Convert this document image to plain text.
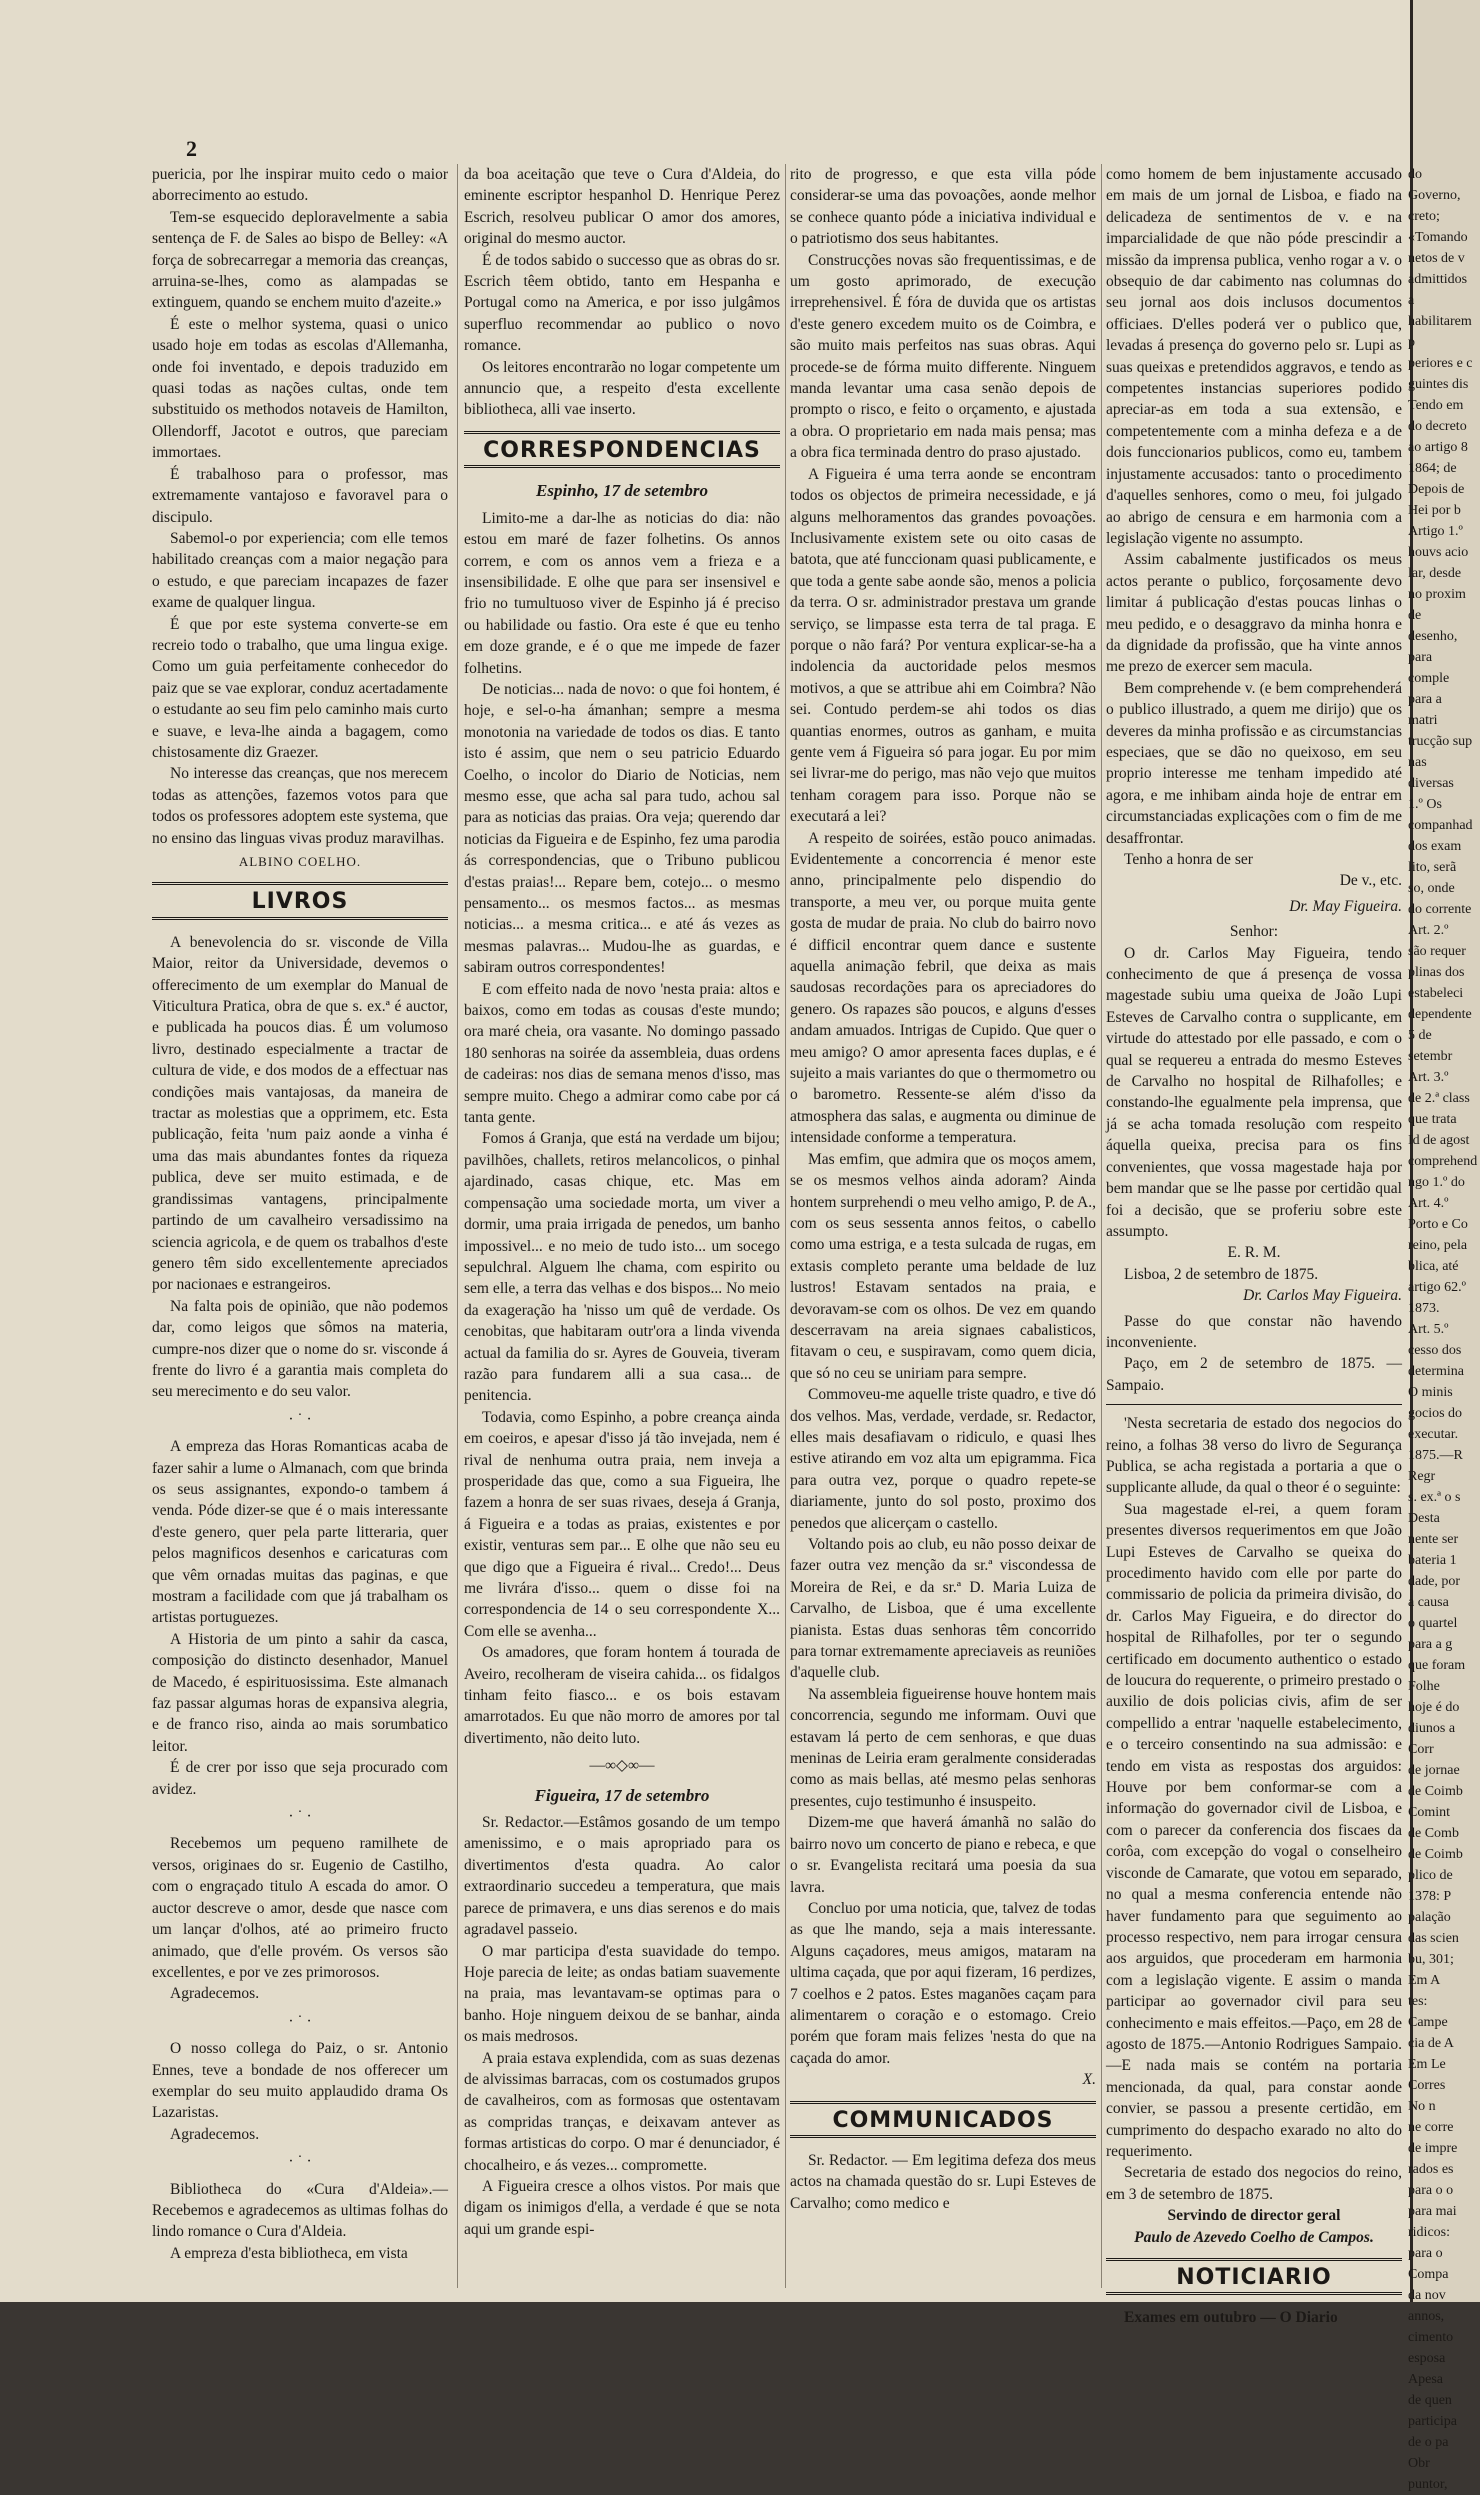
2

puericia, por lhe inspirar muito cedo o maior aborrecimento ao estudo.

Tem-se esquecido deploravelmente a sabia sentença de F. de Sales ao bispo de Belley: «A força de sobrecarregar a memoria das creanças, arruina-se-lhes, como as alampadas se extinguem, quando se enchem muito d'azeite.»

É este o melhor systema, quasi o unico usado hoje em todas as escolas d'Allemanha, onde foi inventado, e depois traduzido em quasi todas as nações cultas, onde tem substituido os methodos notaveis de Hamilton, Ollendorff, Jacotot e outros, que pareciam immortaes.

É trabalhoso para o professor, mas extremamente vantajoso e favoravel para o discipulo.

Sabemol-o por experiencia; com elle temos habilitado creanças com a maior negação para o estudo, e que pareciam incapazes de fazer exame de qualquer lingua.

É que por este systema converte-se em recreio todo o trabalho, que uma lingua exige. Como um guia perfeitamente conhecedor do paiz que se vae explorar, conduz acertadamente o estudante ao seu fim pelo caminho mais curto e suave, e leva-lhe ainda a bagagem, como chistosamente diz Graezer.

No interesse das creanças, que nos merecem todas as attenções, fazemos votos para que todos os professores adoptem este systema, que no ensino das linguas vivas produz maravilhas.

ALBINO COELHO.
LIVROS

A benevolencia do sr. visconde de Villa Maior, reitor da Universidade, devemos o offerecimento de um exemplar do Manual de Viticultura Pratica, obra de que s. ex.ª é auctor, e publicada ha poucos dias. É um volumoso livro, destinado especialmente a tractar de cultura de vide, e dos modos de a effectuar nas condições mais vantajosas, da maneira de tractar as molestias que a opprimem, etc. Esta publicação, feita 'num paiz aonde a vinha é uma das mais abundantes fontes da riqueza publica, deve ser muito estimada, e de grandissimas vantagens, principalmente partindo de um cavalheiro versadissimo na sciencia agricola, e de quem os trabalhos d'este genero têm sido excellentemente apreciados por nacionaes e estrangeiros.

Na falta pois de opinião, que não podemos dar, como leigos que sômos na materia, cumpre-nos dizer que o nome do sr. visconde á frente do livro é a garantia mais completa do seu merecimento e do seu valor.

· ˙ ·

A empreza das Horas Romanticas acaba de fazer sahir a lume o Almanach, com que brinda os seus assignantes, expondo-o tambem á venda. Póde dizer-se que é o mais interessante d'este genero, quer pela parte litteraria, quer pelos magnificos desenhos e caricaturas com que vêm ornadas muitas das paginas, e que mostram a facilidade com que já trabalham os artistas portuguezes.

A Historia de um pinto a sahir da casca, composição do distincto desenhador, Manuel de Macedo, é espirituosissima. Este almanach faz passar algumas horas de expansiva alegria, e de franco riso, ainda ao mais sorumbatico leitor.

É de crer por isso que seja procurado com avidez.

· ˙ ·

Recebemos um pequeno ramilhete de versos, originaes do sr. Eugenio de Castilho, com o engraçado titulo A escada do amor. O auctor descreve o amor, desde que nasce com um lançar d'olhos, até ao primeiro fructo animado, que d'elle provém. Os versos são excellentes, e por ve zes primorosos.

Agradecemos.

· ˙ ·

O nosso collega do Paiz, o sr. Antonio Ennes, teve a bondade de nos offerecer um exemplar do seu muito applaudido drama Os Lazaristas.

Agradecemos.

· ˙ ·

Bibliotheca do «Cura d'Aldeia».—Recebemos e agradecemos as ultimas folhas do lindo romance o Cura d'Aldeia.

A empreza d'esta bibliotheca, em vista

da boa aceitação que teve o Cura d'Aldeia, do eminente escriptor hespanhol D. Henrique Perez Escrich, resolveu publicar O amor dos amores, original do mesmo auctor.

É de todos sabido o successo que as obras do sr. Escrich têem obtido, tanto em Hespanha e Portugal como na America, e por isso julgâmos superfluo recommendar ao publico o novo romance.

Os leitores encontrarão no logar competente um annuncio que, a respeito d'esta excellente bibliotheca, alli vae inserto.

CORRESPONDENCIAS
Espinho, 17 de setembro

Limito-me a dar-lhe as noticias do dia: não estou em maré de fazer folhetins. Os annos correm, e com os annos vem a frieza e a insensibilidade. E olhe que para ser insensivel e frio no tumultuoso viver de Espinho já é preciso ou habilidade ou fastio. Ora este é que eu tenho em doze grande, e é o que me impede de fazer folhetins.

De noticias... nada de novo: o que foi hontem, é hoje, e sel-o-ha ámanhan; sempre a mesma monotonia na variedade de todos os dias. E tanto isto é assim, que nem o seu patricio Eduardo Coelho, o incolor do Diario de Noticias, nem mesmo esse, que acha sal para tudo, achou sal para as noticias das praias. Ora veja; querendo dar noticias da Figueira e de Espinho, fez uma parodia ás correspondencias, que o Tribuno publicou d'estas praias!... Repare bem, cotejo... o mesmo pensamento... os mesmos factos... as mesmas noticias... a mesma critica... e até ás vezes as mesmas palavras... Mudou-lhe as guardas, e sabiram outros correspondentes!

E com effeito nada de novo 'nesta praia: altos e baixos, como em todas as cousas d'este mundo; ora maré cheia, ora vasante. No domingo passado 180 senhoras na soirée da assembleia, duas ordens de cadeiras: nos dias de semana menos d'isso, mas sempre muito. Chego a admirar como cabe por cá tanta gente.

Fomos á Granja, que está na verdade um bijou; pavilhões, challets, retiros melancolicos, o pinhal ajardinado, casas chique, etc. Mas em compensação uma sociedade morta, um viver a dormir, uma praia irrigada de penedos, um banho impossivel... e no meio de tudo isto... um socego sepulchral. Alguem lhe chama, com espirito ou sem elle, a terra das velhas e dos bispos... No meio da exageração ha 'nisso um quê de verdade. Os cenobitas, que habitaram outr'ora a linda vivenda actual da familia do sr. Ayres de Gouveia, tiveram razão para fundarem alli a sua casa... de penitencia.

Todavia, como Espinho, a pobre creança ainda em coeiros, e apesar d'isso já tão invejada, nem é rival de nenhuma outra praia, nem inveja a prosperidade das que, como a sua Figueira, lhe fazem a honra de ser suas rivaes, deseja á Granja, á Figueira e a todas as praias, existentes e por existir, venturas sem par... E olhe que não seu eu que digo que a Figueira é rival... Credo!... Deus me livrára d'isso... quem o disse foi na correspondencia de 14 o seu correspondente X... Com elle se avenha...

Os amadores, que foram hontem á tourada de Aveiro, recolheram de viseira cahida... os fidalgos tinham feito fiasco... e os bois estavam amarrotados. Eu que não morro de amores por tal divertimento, não deito luto.

—∞◇∞—
Figueira, 17 de setembro

Sr. Redactor.—Estâmos gosando de um tempo amenissimo, e o mais apropriado para os divertimentos d'esta quadra. Ao calor extraordinario succedeu a temperatura, que mais parece de primavera, e uns dias serenos e do mais agradavel passeio.

O mar participa d'esta suavidade do tempo. Hoje parecia de leite; as ondas batiam suavemente na praia, mas levantavam-se optimas para o banho. Hoje ninguem deixou de se banhar, ainda os mais medrosos.

A praia estava explendida, com as suas dezenas de alvissimas barracas, com os costumados grupos de cavalheiros, com as formosas que ostentavam as compridas tranças, e deixavam antever as formas artisticas do corpo. O mar é denunciador, é chocalheiro, e ás vezes... compromette.

A Figueira cresce a olhos vistos. Por mais que digam os inimigos d'ella, a verdade é que se nota aqui um grande espi-

rito de progresso, e que esta villa póde considerar-se uma das povoações, aonde melhor se conhece quanto póde a iniciativa individual e o patriotismo dos seus habitantes.

Construcções novas são frequentissimas, e de um gosto aprimorado, de execução irreprehensivel. É fóra de duvida que os artistas d'este genero excedem muito os de Coimbra, e são muito mais perfeitos nas suas obras. Aqui procede-se de fórma muito differente. Ninguem manda levantar uma casa senão depois de prompto o risco, e feito o orçamento, e ajustada a obra. O proprietario em nada mais pensa; mas a obra fica terminada dentro do praso ajustado.

A Figueira é uma terra aonde se encontram todos os objectos de primeira necessidade, e já alguns melhoramentos das grandes povoações. Inclusivamente existem sete ou oito casas de batota, que até funccionam quasi publicamente, e que toda a gente sabe aonde são, menos a policia da terra. O sr. administrador prestava um grande serviço, se limpasse esta terra de tal praga. E porque o não fará? Por ventura explicar-se-ha a indolencia da auctoridade pelos mesmos motivos, a que se attribue ahi em Coimbra? Não sei. Contudo perdem-se ahi todos os dias quantias enormes, outros as ganham, e muita gente vem á Figueira só para jogar. Eu por mim sei livrar-me do perigo, mas não vejo que muitos tenham coragem para isso. Porque não se executará a lei?

A respeito de soirées, estão pouco animadas. Evidentemente a concorrencia é menor este anno, principalmente pelo dispendio do transporte, a meu ver, ou porque muita gente gosta de mudar de praia. No club do bairro novo é difficil encontrar quem dance e sustente aquella animação febril, que deixa as mais saudosas recordações para os apreciadores do genero. Os rapazes são poucos, e alguns d'esses andam amuados. Intrigas de Cupido. Que quer o meu amigo? O amor apresenta faces duplas, e é sujeito a mais variantes do que o thermometro ou o barometro. Ressente-se além d'isso da atmosphera das salas, e augmenta ou diminue de intensidade conforme a temperatura.

Mas emfim, que admira que os moços amem, se os mesmos velhos ainda adoram? Ainda hontem surprehendi o meu velho amigo, P. de A., com os seus sessenta annos feitos, o cabello como uma estriga, e a testa sulcada de rugas, em extasis completo perante uma beldade de luz lustros! Estavam sentados na praia, e devoravam-se com os olhos. De vez em quando descerravam na areia signaes cabalisticos, fitavam o ceu, e suspiravam, como quem dicia, que só no ceu se uniriam para sempre.

Commoveu-me aquelle triste quadro, e tive dó dos velhos. Mas, verdade, verdade, sr. Redactor, elles mais desafiavam o ridiculo, e quasi lhes estive atirando em voz alta um epigramma. Fica para outra vez, porque o quadro repete-se diariamente, junto do sol posto, proximo dos penedos que alicerçam o castello.

Voltando pois ao club, eu não posso deixar de fazer outra vez menção da sr.ª viscondessa de Moreira de Rei, e da sr.ª D. Maria Luiza de Carvalho, de Lisboa, que é uma excellente pianista. Estas duas senhoras têm concorrido para tornar extremamente apreciaveis as reuniões d'aquelle club.

Na assembleia figueirense houve hontem mais concorrencia, segundo me informam. Ouvi que estavam lá perto de cem senhoras, e que duas meninas de Leiria eram geralmente consideradas como as mais bellas, até mesmo pelas senhoras presentes, cujo testimunho é insuspeito.

Dizem-me que haverá ámanhã no salão do bairro novo um concerto de piano e rebeca, e que o sr. Evangelista recitará uma poesia da sua lavra.

Concluo por uma noticia, que, talvez de todas as que lhe mando, seja a mais interessante. Alguns caçadores, meus amigos, mataram na ultima caçada, que por aqui fizeram, 16 perdizes, 7 coelhos e 2 patos. Estes maganões caçam para alimentarem o coração e o estomago. Creio porém que foram mais felizes 'nesta do que na caçada do amor.

X.
COMMUNICADOS

Sr. Redactor. — Em legitima defeza dos meus actos na chamada questão do sr. Lupi Esteves de Carvalho; como medico e

como homem de bem injustamente accusado em mais de um jornal de Lisboa, e fiado na delicadeza de sentimentos de v. e na imparcialidade de que não póde prescindir a missão da imprensa publica, venho rogar a v. o obsequio de dar cabimento nas columnas do seu jornal aos dois inclusos documentos officiaes. D'elles poderá ver o publico que, levadas á presença do governo pelo sr. Lupi as suas queixas e pretendidos aggravos, e tendo as competentes instancias superiores podido apreciar-as em toda a sua extensão, e competentemente com a minha defeza e a de dois funccionarios publicos, como eu, tambem injustamente accusados: tanto o procedimento d'aquelles senhores, como o meu, foi julgado ao abrigo de censura e em harmonia com a legislação vigente no assumpto.

Assim cabalmente justificados os meus actos perante o publico, forçosamente devo limitar á publicação d'estas poucas linhas o meu pedido, e o desaggravo da minha honra e da dignidade da profissão, que ha vinte annos me prezo de exercer sem macula.

Bem comprehende v. (e bem comprehenderá o publico illustrado, a quem me dirijo) que os deveres da minha profissão e as circumstancias especiaes, que se dão no queixoso, em seu proprio interesse me tenham impedido até agora, e me inhibam ainda hoje de entrar em circumstanciadas explicações com o fim de me desaffrontar.

Tenho a honra de ser

De v., etc.
Dr. May Figueira.
Senhor:

O dr. Carlos May Figueira, tendo conhecimento de que á presença de vossa magestade subiu uma queixa de João Lupi Esteves de Carvalho contra o supplicante, em virtude do attestado por elle passado, e com o qual se requereu a entrada do mesmo Esteves de Carvalho no hospital de Rilhafolles; e constando-lhe egualmente pela imprensa, que já se acha tomada resolução com respeito áquella queixa, precisa para os fins convenientes, que vossa magestade haja por bem mandar que se lhe passe por certidão qual foi a decisão, que se proferiu sobre este assumpto.

E. R. M.

Lisboa, 2 de setembro de 1875.

Dr. Carlos May Figueira.

Passe do que constar não havendo inconveniente.

Paço, em 2 de setembro de 1875. — Sampaio.

'Nesta secretaria de estado dos negocios do reino, a folhas 38 verso do livro de Segurança Publica, se acha registada a portaria a que o supplicante allude, da qual o theor é o seguinte:

Sua magestade el-rei, a quem foram presentes diversos requerimentos em que João Lupi Esteves de Carvalho se queixa do procedimento havido com elle por parte do commissario de policia da primeira divisão, do dr. Carlos May Figueira, e do director do hospital de Rilhafolles, por ter o segundo certificado em documento authentico o estado de loucura do requerente, o primeiro prestado o auxilio de dois policias civis, afim de ser compellido a entrar 'naquelle estabelecimento, e o terceiro consentindo na sua admissão: e tendo em vista as respostas dos arguidos: Houve por bem conformar-se com a informação do governador civil de Lisboa, e com o parecer da conferencia dos fiscaes da corôa, com excepção do vogal o conselheiro visconde de Camarate, que votou em separado, no qual a mesma conferencia entende não haver fundamento para que seguimento ao processo respectivo, nem para irrogar censura aos arguidos, que procederam em harmonia com a legislação vigente. E assim o manda participar ao governador civil para seu conhecimento e mais effeitos.—Paço, em 28 de agosto de 1875.—Antonio Rodrigues Sampaio.—E nada mais se contém na portaria mencionada, da qual, para constar aonde convier, se passou a presente certidão, em cumprimento do despacho exarado no alto do requerimento.

Secretaria de estado dos negocios do reino, em 3 de setembro de 1875.

Servindo de director geral
Paulo de Azevedo Coelho de Campos.
NOTICIARIO

Exames em outubro — O Diario

do Governo,
creto;
«Tomando
netos de v
admittidos a
habilitarem p
periores e c
guintes dis
Tendo em
do decreto
ao artigo 8
1864; de
Depois de
Hei por b
Artigo 1.º
houvs acio
lar, desde
no proxim
de desenho,
para comple
para a matri
trucção sup
nas diversas
1.º Os
companhad
dos exam
lito, serã
so, onde
do corrente
Art. 2.º
são requer
plinas dos
estabeleci
dependente
5 de setembr
Art. 3.º
de 2.ª class
que trata
Id de agost
comprehend
ngo 1.º do
Art. 4.º
Porto e Co
reino, pela
blica, até
artigo 62.º
1873.
Art. 5.º
cesso dos
determina
O minis
gocios do
executar.
1875.—R
Regr
s. ex.ª o s
Desta
nente ser
bateria 1
dade, por
a causa
o quartel
para a g
que foram
Folhe
hoje é do
diunos a
Corr
de jornae
de Coimb
Comint
de Comb
de Coimb
plico de
1378: P
palação
das scien
bu, 301;
Em A
tes:
Campe
cia de A
Em Le
Corres
No n
ne corre
de impre
rados es
para o o
para mai
ridicos:
para o
Compa
da nov
annos,
cimento
esposa
Apesa
de quen
participa
de o pa
Obr
puntor,
